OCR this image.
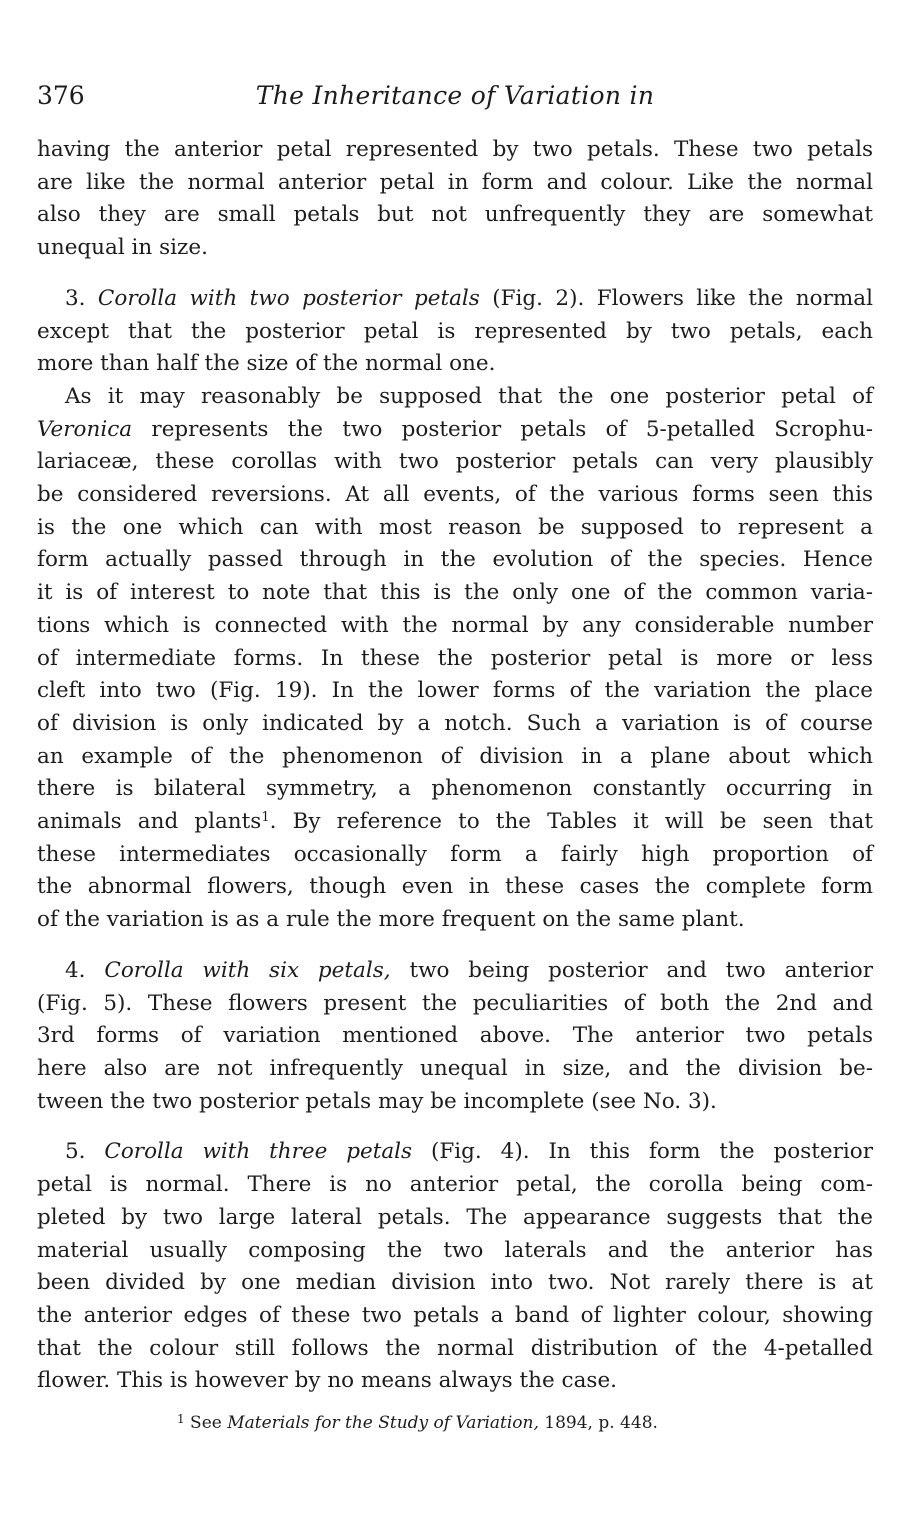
376	The Inheritance of Variation in
having the anterior petal represented by two petals. These two petals
are like the normal anterior petal in form and colour. Like the normal
also they are small petals but not unfrequently they are somewhat
unequal in size.
3. Corolla with two posterior petals (Fig. 2). Flowers like the normal
except that the posterior petal is represented by two petals, each
more than half the size of the normal one.
As it may reasonably be supposed that the one posterior petal of
Veronica represents the two posterior petals of 5-petalled Scrophu-
lariaceæ, these corollas with two posterior petals can very plausibly
be considered reversions. At all events, of the various forms seen this
is the one which can with most reason be supposed to represent a
form actually passed through in the evolution of the species. Hence
it is of interest to note that this is the only one of the common varia-
tions which is connected with the normal by any considerable number
of intermediate forms. In these the posterior petal is more or less
cleft into two (Fig. 19). In the lower forms of the variation the place
of division is only indicated by a notch. Such a variation is of course
an example of the phenomenon of division in a plane about which
there is bilateral symmetry, a phenomenon constantly occurring in
animals and plants$^1$. By reference to the Tables it will be seen that
these intermediates occasionally form a fairly high proportion of
the abnormal flowers, though even in these cases the complete form
of the variation is as a rule the more frequent on the same plant.
4. Corolla with six petals, two being posterior and two anterior
(Fig. 5). These flowers present the peculiarities of both the 2nd and
3rd forms of variation mentioned above. The anterior two petals
here also are not infrequently unequal in size, and the division be-
tween the two posterior petals may be incomplete (see No. 3).
5. Corolla with three petals (Fig. 4). In this form the posterior
petal is normal. There is no anterior petal, the corolla being com-
pleted by two large lateral petals. The appearance suggests that the
material usually composing the two laterals and the anterior has
been divided by one median division into two. Not rarely there is at
the anterior edges of these two petals a band of lighter colour, showing
that the colour still follows the normal distribution of the 4-petalled
flower. This is however by no means always the case.
$^1$ See Materials for the Study of Variation, 1894, p. 448.
